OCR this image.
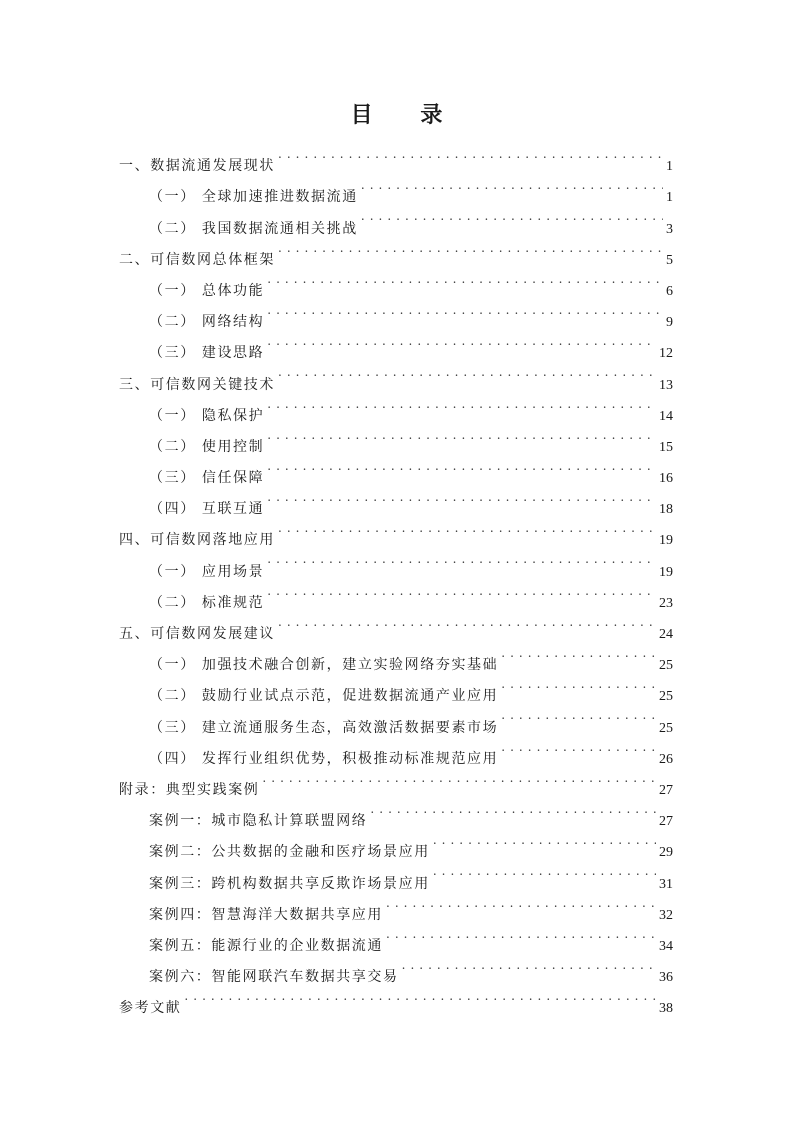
目 录
一、数据流通发展现状 . . .	1
（一） 全球加速推进数据流通 . . .	1
（二） 我国数据流通相关挑战 . . .	3
二、可信数网总体框架 . . .	5
（一） 总体功能 . . .	6
（二） 网络结构 . . .	9
（三） 建设思路 . . .	12
三、可信数网关键技术 . . .	13
（一） 隐私保护 . . .	14
（二） 使用控制 . . .	15
（三） 信任保障 . . .	16
（四） 互联互通 . . .	18
四、可信数网落地应用 . . .	19
（一） 应用场景 . . .	19
（二） 标准规范 . . .	23
五、可信数网发展建议 . . .	24
（一） 加强技术融合创新，建立实验网络夯实基础 . . .	25
（二） 鼓励行业试点示范，促进数据流通产业应用 . . .	25
（三） 建立流通服务生态，高效激活数据要素市场 . . .	25
（四） 发挥行业组织优势，积极推动标准规范应用 . . .	26
附录：典型实践案例 . . .	27
案例一：城市隐私计算联盟网络 . . .	27
案例二：公共数据的金融和医疗场景应用 . . .	29
案例三：跨机构数据共享反欺诈场景应用 . . .	31
案例四：智慧海洋大数据共享应用 . . .	32
案例五：能源行业的企业数据流通 . . .	34
案例六：智能网联汽车数据共享交易 . . .	36
参考文献 . . .	38
